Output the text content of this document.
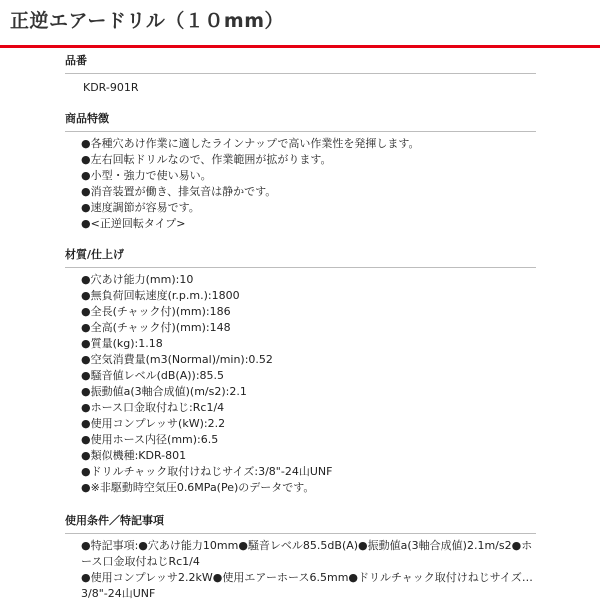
正逆エアードリル（１０mm）
品番
KDR-901R
商品特徴
●各種穴あけ作業に適したラインナップで高い作業性を発揮します。
●左右回転ドリルなので、作業範囲が拡がります。
●小型・強力で使い易い。
●消音装置が働き、排気音は静かです。
●速度調節が容易です。
●<正逆回転タイプ>
材質/仕上げ
●穴あけ能力(mm):10
●無負荷回転速度(r.p.m.):1800
●全長(チャック付)(mm):186
●全高(チャック付)(mm):148
●質量(kg):1.18
●空気消費量(m3(Normal)/min):0.52
●騒音値レベル(dB(A)):85.5
●振動値a(3軸合成値)(m/s2):2.1
●ホース口金取付ねじ:Rc1/4
●使用コンプレッサ(kW):2.2
●使用ホース内径(mm):6.5
●類似機種:KDR-801
●ドリルチャック取付けねじサイズ:3/8"-24山UNF
●※非駆動時空気圧0.6MPa(Pe)のデータです。
使用条件／特記事項
●特記事項:●穴あけ能力10mm●騒音レベル85.5dB(A)●振動値a(3軸合成値)2.1m/s2●ホース口金取付ねじRc1/4
●使用コンプレッサ2.2kW●使用エアーホース6.5mm●ドリルチャック取付けねじサイズ…3/8"-24山UNF
